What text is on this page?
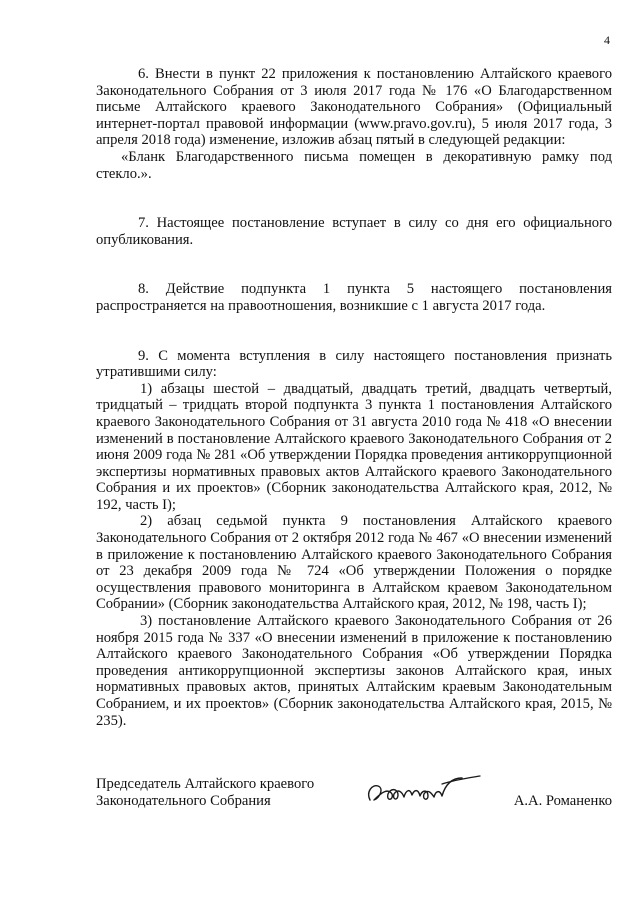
4

6. Внести в пункт 22 приложения к постановлению Алтайского краевого Законодательного Собрания от 3 июля 2017 года № 176 «О Благодарственном письме Алтайского краевого Законодательного Собрания» (Официальный интернет-портал правовой информации (www.pravo.gov.ru), 5 июля 2017 года, 3 апреля 2018 года) изменение, изложив абзац пятый в следующей редакции:

«Бланк Благодарственного письма помещен в декоративную рамку под стекло.».

7. Настоящее постановление вступает в силу со дня его официального опубликования.

8. Действие подпункта 1 пункта 5 настоящего постановления распространяется на правоотношения, возникшие с 1 августа 2017 года.

9. С момента вступления в силу настоящего постановления признать утратившими силу:

1) абзацы шестой – двадцатый, двадцать третий, двадцать четвертый, тридцатый – тридцать второй подпункта 3 пункта 1 постановления Алтайского краевого Законодательного Собрания от 31 августа 2010 года № 418 «О внесении изменений в постановление Алтайского краевого Законодательного Собрания от 2 июня 2009 года № 281 «Об утверждении Порядка проведения антикоррупционной экспертизы нормативных правовых актов Алтайского краевого Законодательного Собрания и их проектов» (Сборник законодательства Алтайского края, 2012, № 192, часть I);

2) абзац седьмой пункта 9 постановления Алтайского краевого Законодательного Собрания от 2 октября 2012 года № 467 «О внесении изменений в приложение к постановлению Алтайского краевого Законодательного Собрания от 23 декабря 2009 года № 724 «Об утверждении Положения о порядке осуществления правового мониторинга в Алтайском краевом Законодательном Собрании» (Сборник законодательства Алтайского края, 2012, № 198, часть I);

3) постановление Алтайского краевого Законодательного Собрания от 26 ноября 2015 года № 337 «О внесении изменений в приложение к постановлению Алтайского краевого Законодательного Собрания «Об утверждении Порядка проведения антикоррупционной экспертизы законов Алтайского края, иных нормативных правовых актов, принятых Алтайским краевым Законодательным Собранием, и их проектов» (Сборник законодательства Алтайского края, 2015, № 235).

Председатель Алтайского краевого
Законодательного Собрания	А.А. Романенко
